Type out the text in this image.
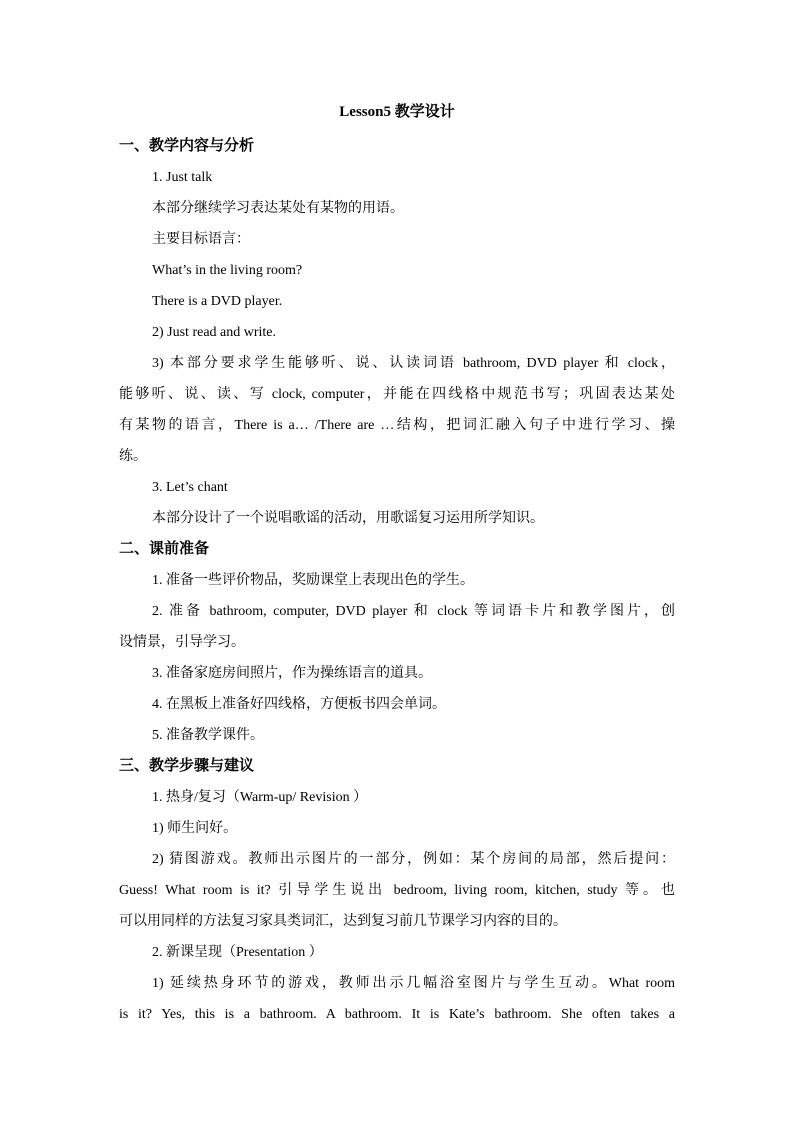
Lesson5 教学设计
一、教学内容与分析
1. Just talk
本部分继续学习表达某处有某物的用语。
主要目标语言：
What’s in the living room?
There is a DVD player.
2) Just read and write.
3) 本部分要求学生能够听、说、认读词语 bathroom, DVD player 和 clock，
能够听、说、读、写 clock, computer，并能在四线格中规范书写；巩固表达某处
有某物的语言，There is a… /There are …结构，把词汇融入句子中进行学习、操
练。
3. Let’s chant
本部分设计了一个说唱歌谣的活动，用歌谣复习运用所学知识。
二、课前准备
1. 准备一些评价物品，奖励课堂上表现出色的学生。
2. 准备 bathroom, computer, DVD player 和 clock 等词语卡片和教学图片，创
设情景，引导学习。
3. 准备家庭房间照片，作为操练语言的道具。
4. 在黑板上准备好四线格，方便板书四会单词。
5. 准备教学课件。
三、教学步骤与建议
1. 热身/复习（Warm-up/ Revision ）
1) 师生问好。
2) 猜图游戏。教师出示图片的一部分，例如：某个房间的局部，然后提问：
Guess! What room is it? 引导学生说出 bedroom, living room, kitchen, study 等。也
可以用同样的方法复习家具类词汇，达到复习前几节课学习内容的目的。
2. 新课呈现（Presentation ）
1) 延续热身环节的游戏，教师出示几幅浴室图片与学生互动。What room
is it? Yes, this is a bathroom. A bathroom. It is Kate’s bathroom. She often takes a
